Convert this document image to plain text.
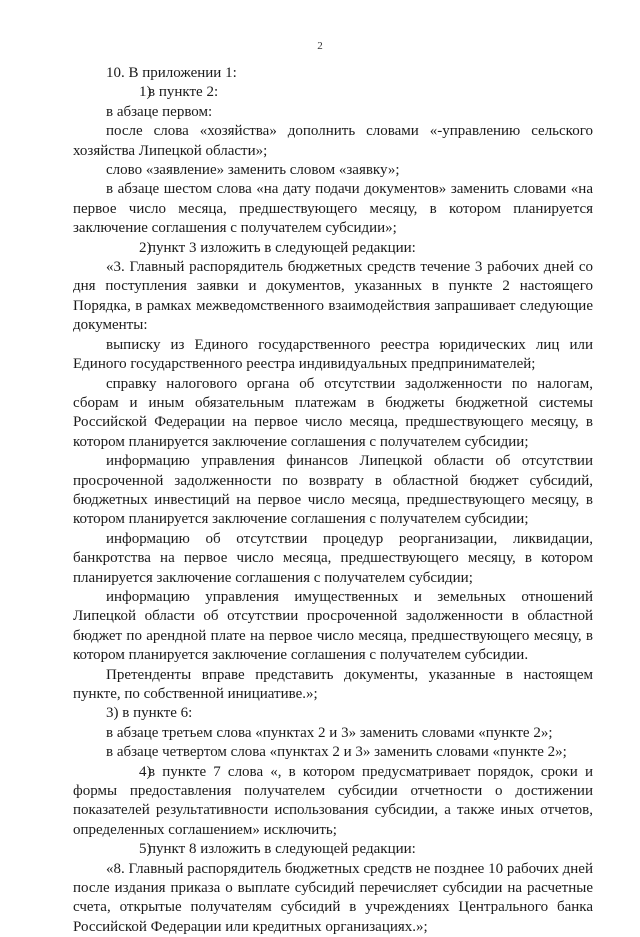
2

10. В приложении 1:

1)в пункте 2:

в абзаце первом:

после слова «хозяйства» дополнить словами «-управлению сельского хозяйства Липецкой области»;

слово «заявление» заменить словом «заявку»;

в абзаце шестом слова «на дату подачи документов» заменить словами «на первое число месяца, предшествующего месяцу, в котором планируется заключение соглашения с получателем субсидии»;

2)пункт 3 изложить в следующей редакции:

«3. Главный распорядитель бюджетных средств течение 3 рабочих дней со дня поступления заявки и документов, указанных в пункте 2 настоящего Порядка, в рамках межведомственного взаимодействия запрашивает следующие документы:

выписку из Единого государственного реестра юридических лиц или Единого государственного реестра индивидуальных предпринимателей;

справку налогового органа об отсутствии задолженности по налогам, сборам и иным обязательным платежам в бюджеты бюджетной системы Российской Федерации на первое число месяца, предшествующего месяцу, в котором планируется заключение соглашения с получателем субсидии;

информацию управления финансов Липецкой области об отсутствии просроченной задолженности по возврату в областной бюджет субсидий, бюджетных инвестиций на первое число месяца, предшествующего месяцу, в котором планируется заключение соглашения с получателем субсидии;

информацию об отсутствии процедур реорганизации, ликвидации, банкротства на первое число месяца, предшествующего месяцу, в котором планируется заключение соглашения с получателем субсидии;

информацию управления имущественных и земельных отношений Липецкой области об отсутствии просроченной задолженности в областной бюджет по арендной плате на первое число месяца, предшествующего месяцу, в котором планируется заключение соглашения с получателем субсидии.

Претенденты вправе представить документы, указанные в настоящем пункте, по собственной инициативе.»;

3) в пункте 6:

в абзаце третьем слова «пунктах 2 и 3» заменить словами «пункте 2»;

в абзаце четвертом слова «пунктах 2 и 3» заменить словами «пункте 2»;

4)в пункте 7 слова «, в котором предусматривает порядок, сроки и формы предоставления получателем субсидии отчетности о достижении показателей результативности использования субсидии, а также иных отчетов, определенных соглашением» исключить;

5)пункт 8 изложить в следующей редакции:

«8. Главный распорядитель бюджетных средств не позднее 10 рабочих дней после издания приказа о выплате субсидий перечисляет субсидии на расчетные счета, открытые получателям субсидий в учреждениях Центрального банка Российской Федерации или кредитных организациях.»;
